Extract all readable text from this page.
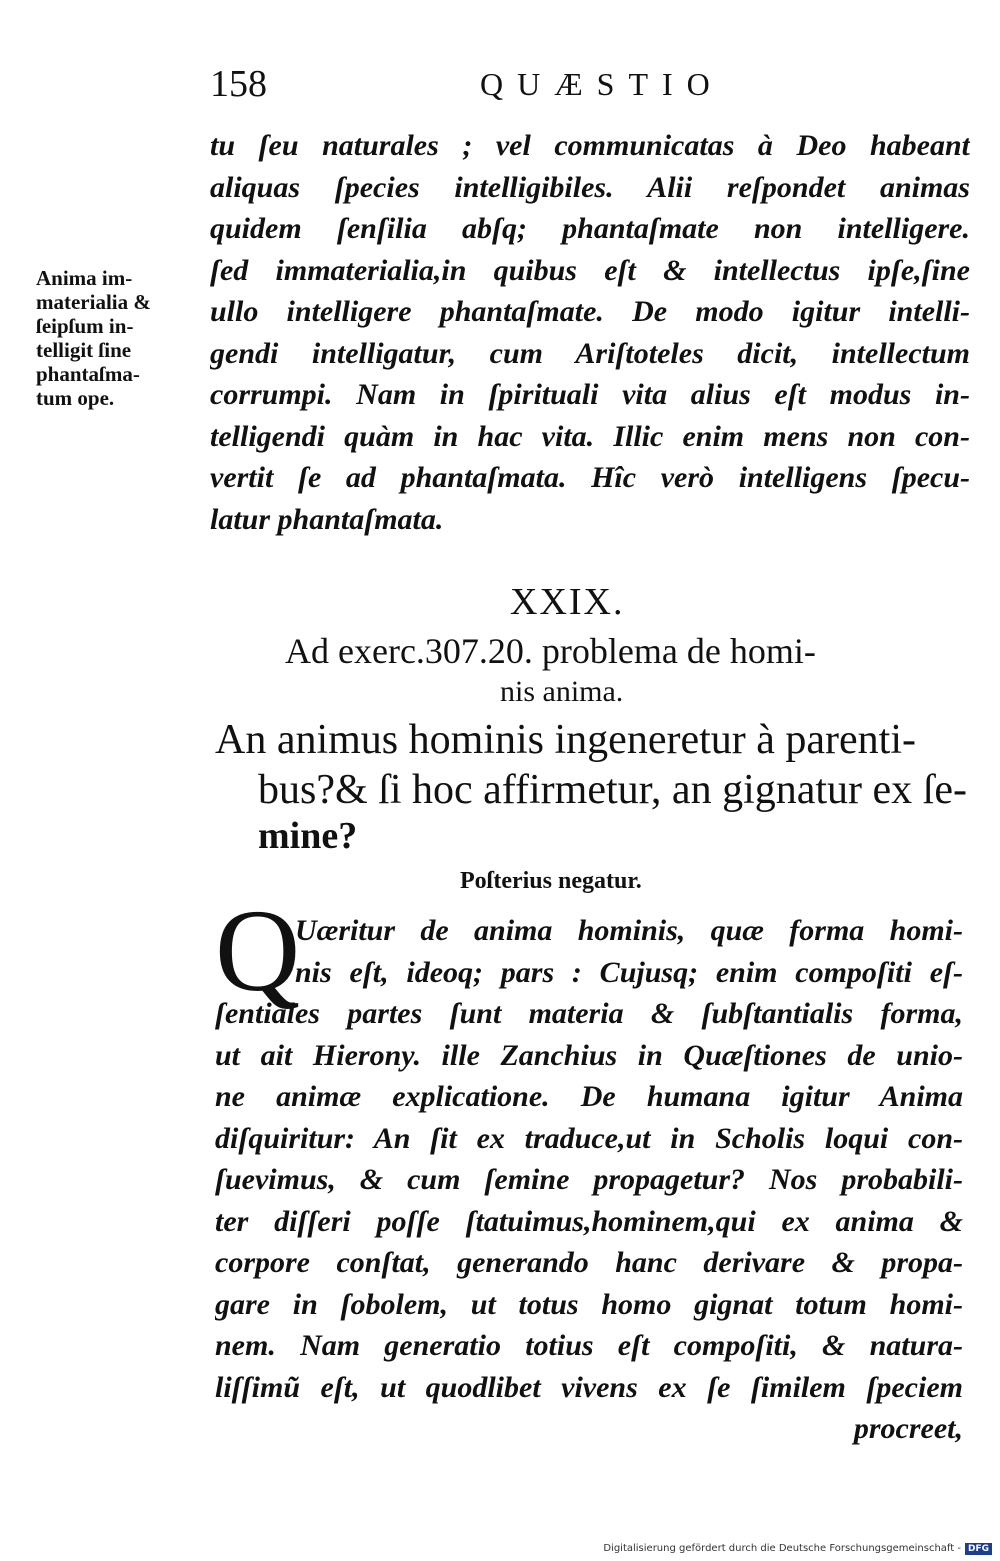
158	QUÆSTIO
tu ſeu naturales ; vel communicatas à Deo habeant
aliquas ſpecies intelligibiles. Alii reſpondet animas
quidem ſenſilia abſq; phantaſmate non intelligere.
ſed immaterialia,in quibus eſt & intellectus ipſe,ſine
ullo intelligere phantaſmate. De modo igitur intelli-
gendi intelligatur, cum Ariſtoteles dicit, intellectum
corrumpi. Nam in ſpirituali vita alius eſt modus in-
telligendi quàm in hac vita. Illic enim mens non con-
vertit ſe ad phantaſmata. Hîc verò intelligens ſpecu-
latur phantaſmata.
Anima im-
materialia &
ſeipſum in-
telligit ſine
phantaſma-
tum ope.
XXIX.
Ad exerc.307.20. problema de homi-
nis anima.
An animus hominis ingeneretur à parenti-
bus?& ſi hoc affirmetur, an gignatur ex ſe-
mine?
Poſterius negatur.
Q
Uæritur de anima hominis, quæ forma homi-
nis eſt, ideoq; pars : Cujusq; enim compoſiti eſ-
ſentiales partes ſunt materia & ſubſtantialis forma,
ut ait Hierony. ille Zanchius in Quæſtiones de unio-
ne animæ explicatione. De humana igitur Anima
diſquiritur: An ſit ex traduce,ut in Scholis loqui con-
ſuevimus, & cum ſemine propagetur? Nos probabili-
ter diſſeri poſſe ſtatuimus,hominem,qui ex anima &
corpore conſtat, generando hanc derivare & propa-
gare in ſobolem, ut totus homo gignat totum homi-
nem. Nam generatio totius eſt compoſiti, & natura-
liſſimũ eſt, ut quodlibet vivens ex ſe ſimilem ſpeciem
procreet,
Digitalisierung gefördert durch die Deutsche Forschungsgemeinschaft - DFG
